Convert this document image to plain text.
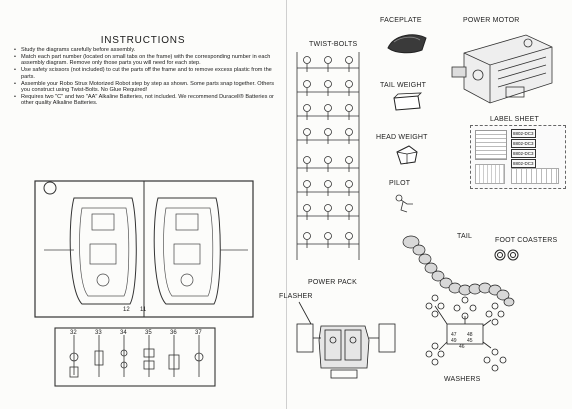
INSTRUCTIONS
• Study the diagrams carefully before assembly.
• Match each part number (located on small tabs on the frame) with the corresponding number in each assembly diagram. Remove only those parts you will need for each step.
• Use safety scissors (not included) to cut the parts off the frame and to remove excess plastic from the parts.
• Assemble your Robo Strux Motorized Robot step by step as shown. Some parts snap together. Others you construct using Twist-Bolts. No Glue Required!
• Requires two "C" and two "AA" Alkaline Batteries, not included. We recommend Duracell® Batteries or other quality Alkaline Batteries.
12 11
32	33	34	35	36	37
TWIST-BOLTS
FACEPLATE	POWER MOTOR
TAIL WEIGHT
LABEL SHEET
8802-DC3
8802-DC3
8802-DC3
8802-DC3
HEAD WEIGHT
PILOT
TAIL
FOOT COASTERS
POWER PACK
FLASHER
47 48
49 45
46
WASHERS
